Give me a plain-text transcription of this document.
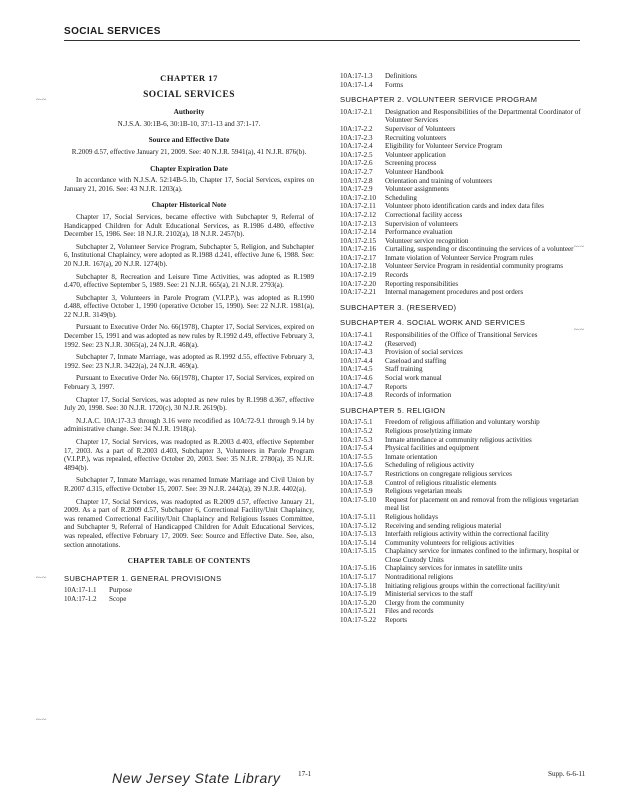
SOCIAL SERVICES
~·~
~·~
~·~
~·~
~·~
CHAPTER 17
SOCIAL SERVICES
Authority
N.J.S.A. 30:1B-6, 30:1B-10, 37:1-13 and 37:1-17.
Source and Effective Date
R.2009 d.57, effective January 21, 2009. See: 40 N.J.R. 5941(a), 41 N.J.R. 876(b).
Chapter Expiration Date
In accordance with N.J.S.A. 52:14B-5.1b, Chapter 17, Social Services, expires on January 21, 2016. See: 43 N.J.R. 1203(a).
Chapter Historical Note
Chapter 17, Social Services, became effective with Subchapter 9, Referral of Handicapped Children for Adult Educational Services, as R.1986 d.480, effective December 15, 1986. See: 18 N.J.R. 2102(a), 18 N.J.R. 2457(b).
Subchapter 2, Volunteer Service Program, Subchapter 5, Religion, and Subchapter 6, Institutional Chaplaincy, were adopted as R.1988 d.241, effective June 6, 1988. See: 20 N.J.R. 167(a), 20 N.J.R. 1274(b).
Subchapter 8, Recreation and Leisure Time Activities, was adopted as R.1989 d.470, effective September 5, 1989. See: 21 N.J.R. 665(a), 21 N.J.R. 2793(a).
Subchapter 3, Volunteers in Parole Program (V.I.P.P.), was adopted as R.1990 d.488, effective October 1, 1990 (operative October 15, 1990). See: 22 N.J.R. 1981(a), 22 N.J.R. 3149(b).
Pursuant to Executive Order No. 66(1978), Chapter 17, Social Services, expired on December 15, 1991 and was adopted as new rules by R.1992 d.49, effective February 3, 1992. See: 23 N.J.R. 3065(a), 24 N.J.R. 468(a).
Subchapter 7, Inmate Marriage, was adopted as R.1992 d.55, effective February 3, 1992. See: 23 N.J.R. 3422(a), 24 N.J.R. 469(a).
Pursuant to Executive Order No. 66(1978), Chapter 17, Social Services, expired on February 3, 1997.
Chapter 17, Social Services, was adopted as new rules by R.1998 d.367, effective July 20, 1998. See: 30 N.J.R. 1720(c), 30 N.J.R. 2619(b).
N.J.A.C. 10A:17-3.3 through 3.16 were recodified as 10A:72-9.1 through 9.14 by administrative change. See: 34 N.J.R. 1918(a).
Chapter 17, Social Services, was readopted as R.2003 d.403, effective September 17, 2003. As a part of R.2003 d.403, Subchapter 3, Volunteers in Parole Program (V.I.P.P.), was repealed, effective October 20, 2003. See: 35 N.J.R. 2780(a), 35 N.J.R. 4894(b).
Subchapter 7, Inmate Marriage, was renamed Inmate Marriage and Civil Union by R.2007 d.315, effective October 15, 2007. See: 39 N.J.R. 2442(a), 39 N.J.R. 4402(a).
Chapter 17, Social Services, was readopted as R.2009 d.57, effective January 21, 2009. As a part of R.2009 d.57, Subchapter 6, Correctional Facility/Unit Chaplaincy, was renamed Correctional Facility/Unit Chaplaincy and Religious Issues Committee, and Subchapter 9, Referral of Handicapped Children for Adult Educational Services, was repealed, effective February 17, 2009. See: Source and Effective Date. See, also, section annotations.
CHAPTER TABLE OF CONTENTS
SUBCHAPTER 1. GENERAL PROVISIONS
10A:17-1.1	Purpose
10A:17-1.2	Scope
10A:17-1.3	Definitions
10A:17-1.4	Forms
SUBCHAPTER 2. VOLUNTEER SERVICE PROGRAM
10A:17-2.1	Designation and Responsibilities of the Departmental Coordinator of Volunteer Services
10A:17-2.2	Supervisor of Volunteers
10A:17-2.3	Recruiting volunteers
10A:17-2.4	Eligibility for Volunteer Service Program
10A:17-2.5	Volunteer application
10A:17-2.6	Screening process
10A:17-2.7	Volunteer Handbook
10A:17-2.8	Orientation and training of volunteers
10A:17-2.9	Volunteer assignments
10A:17-2.10	Scheduling
10A:17-2.11	Volunteer photo identification cards and index data files
10A:17-2.12	Correctional facility access
10A:17-2.13	Supervision of volunteers
10A:17-2.14	Performance evaluation
10A:17-2.15	Volunteer service recognition
10A:17-2.16	Curtailing, suspending or discontinuing the services of a volunteer
10A:17-2.17	Inmate violation of Volunteer Service Program rules
10A:17-2.18	Volunteer Service Program in residential community programs
10A:17-2.19	Records
10A:17-2.20	Reporting responsibilities
10A:17-2.21	Internal management procedures and post orders
SUBCHAPTER 3. (RESERVED)
SUBCHAPTER 4. SOCIAL WORK AND SERVICES
10A:17-4.1	Responsibilities of the Office of Transitional Services
10A:17-4.2	(Reserved)
10A:17-4.3	Provision of social services
10A:17-4.4	Caseload and staffing
10A:17-4.5	Staff training
10A:17-4.6	Social work manual
10A:17-4.7	Reports
10A:17-4.8	Records of information
SUBCHAPTER 5. RELIGION
10A:17-5.1	Freedom of religious affiliation and voluntary worship
10A:17-5.2	Religious proselytizing inmate
10A:17-5.3	Inmate attendance at community religious activities
10A:17-5.4	Physical facilities and equipment
10A:17-5.5	Inmate orientation
10A:17-5.6	Scheduling of religious activity
10A:17-5.7	Restrictions on congregate religious services
10A:17-5.8	Control of religious ritualistic elements
10A:17-5.9	Religious vegetarian meals
10A:17-5.10	Request for placement on and removal from the religious vegetarian meal list
10A:17-5.11	Religious holidays
10A:17-5.12	Receiving and sending religious material
10A:17-5.13	Interfaith religious activity within the correctional facility
10A:17-5.14	Community volunteers for religious activities
10A:17-5.15	Chaplaincy service for inmates confined to the infirmary, hospital or Close Custody Units
10A:17-5.16	Chaplaincy services for inmates in satellite units
10A:17-5.17	Nontraditional religions
10A:17-5.18	Initiating religious groups within the correctional facility/unit
10A:17-5.19	Ministerial services to the staff
10A:17-5.20	Clergy from the community
10A:17-5.21	Files and records
10A:17-5.22	Reports
New Jersey State Library 17-1	Supp. 6-6-11
